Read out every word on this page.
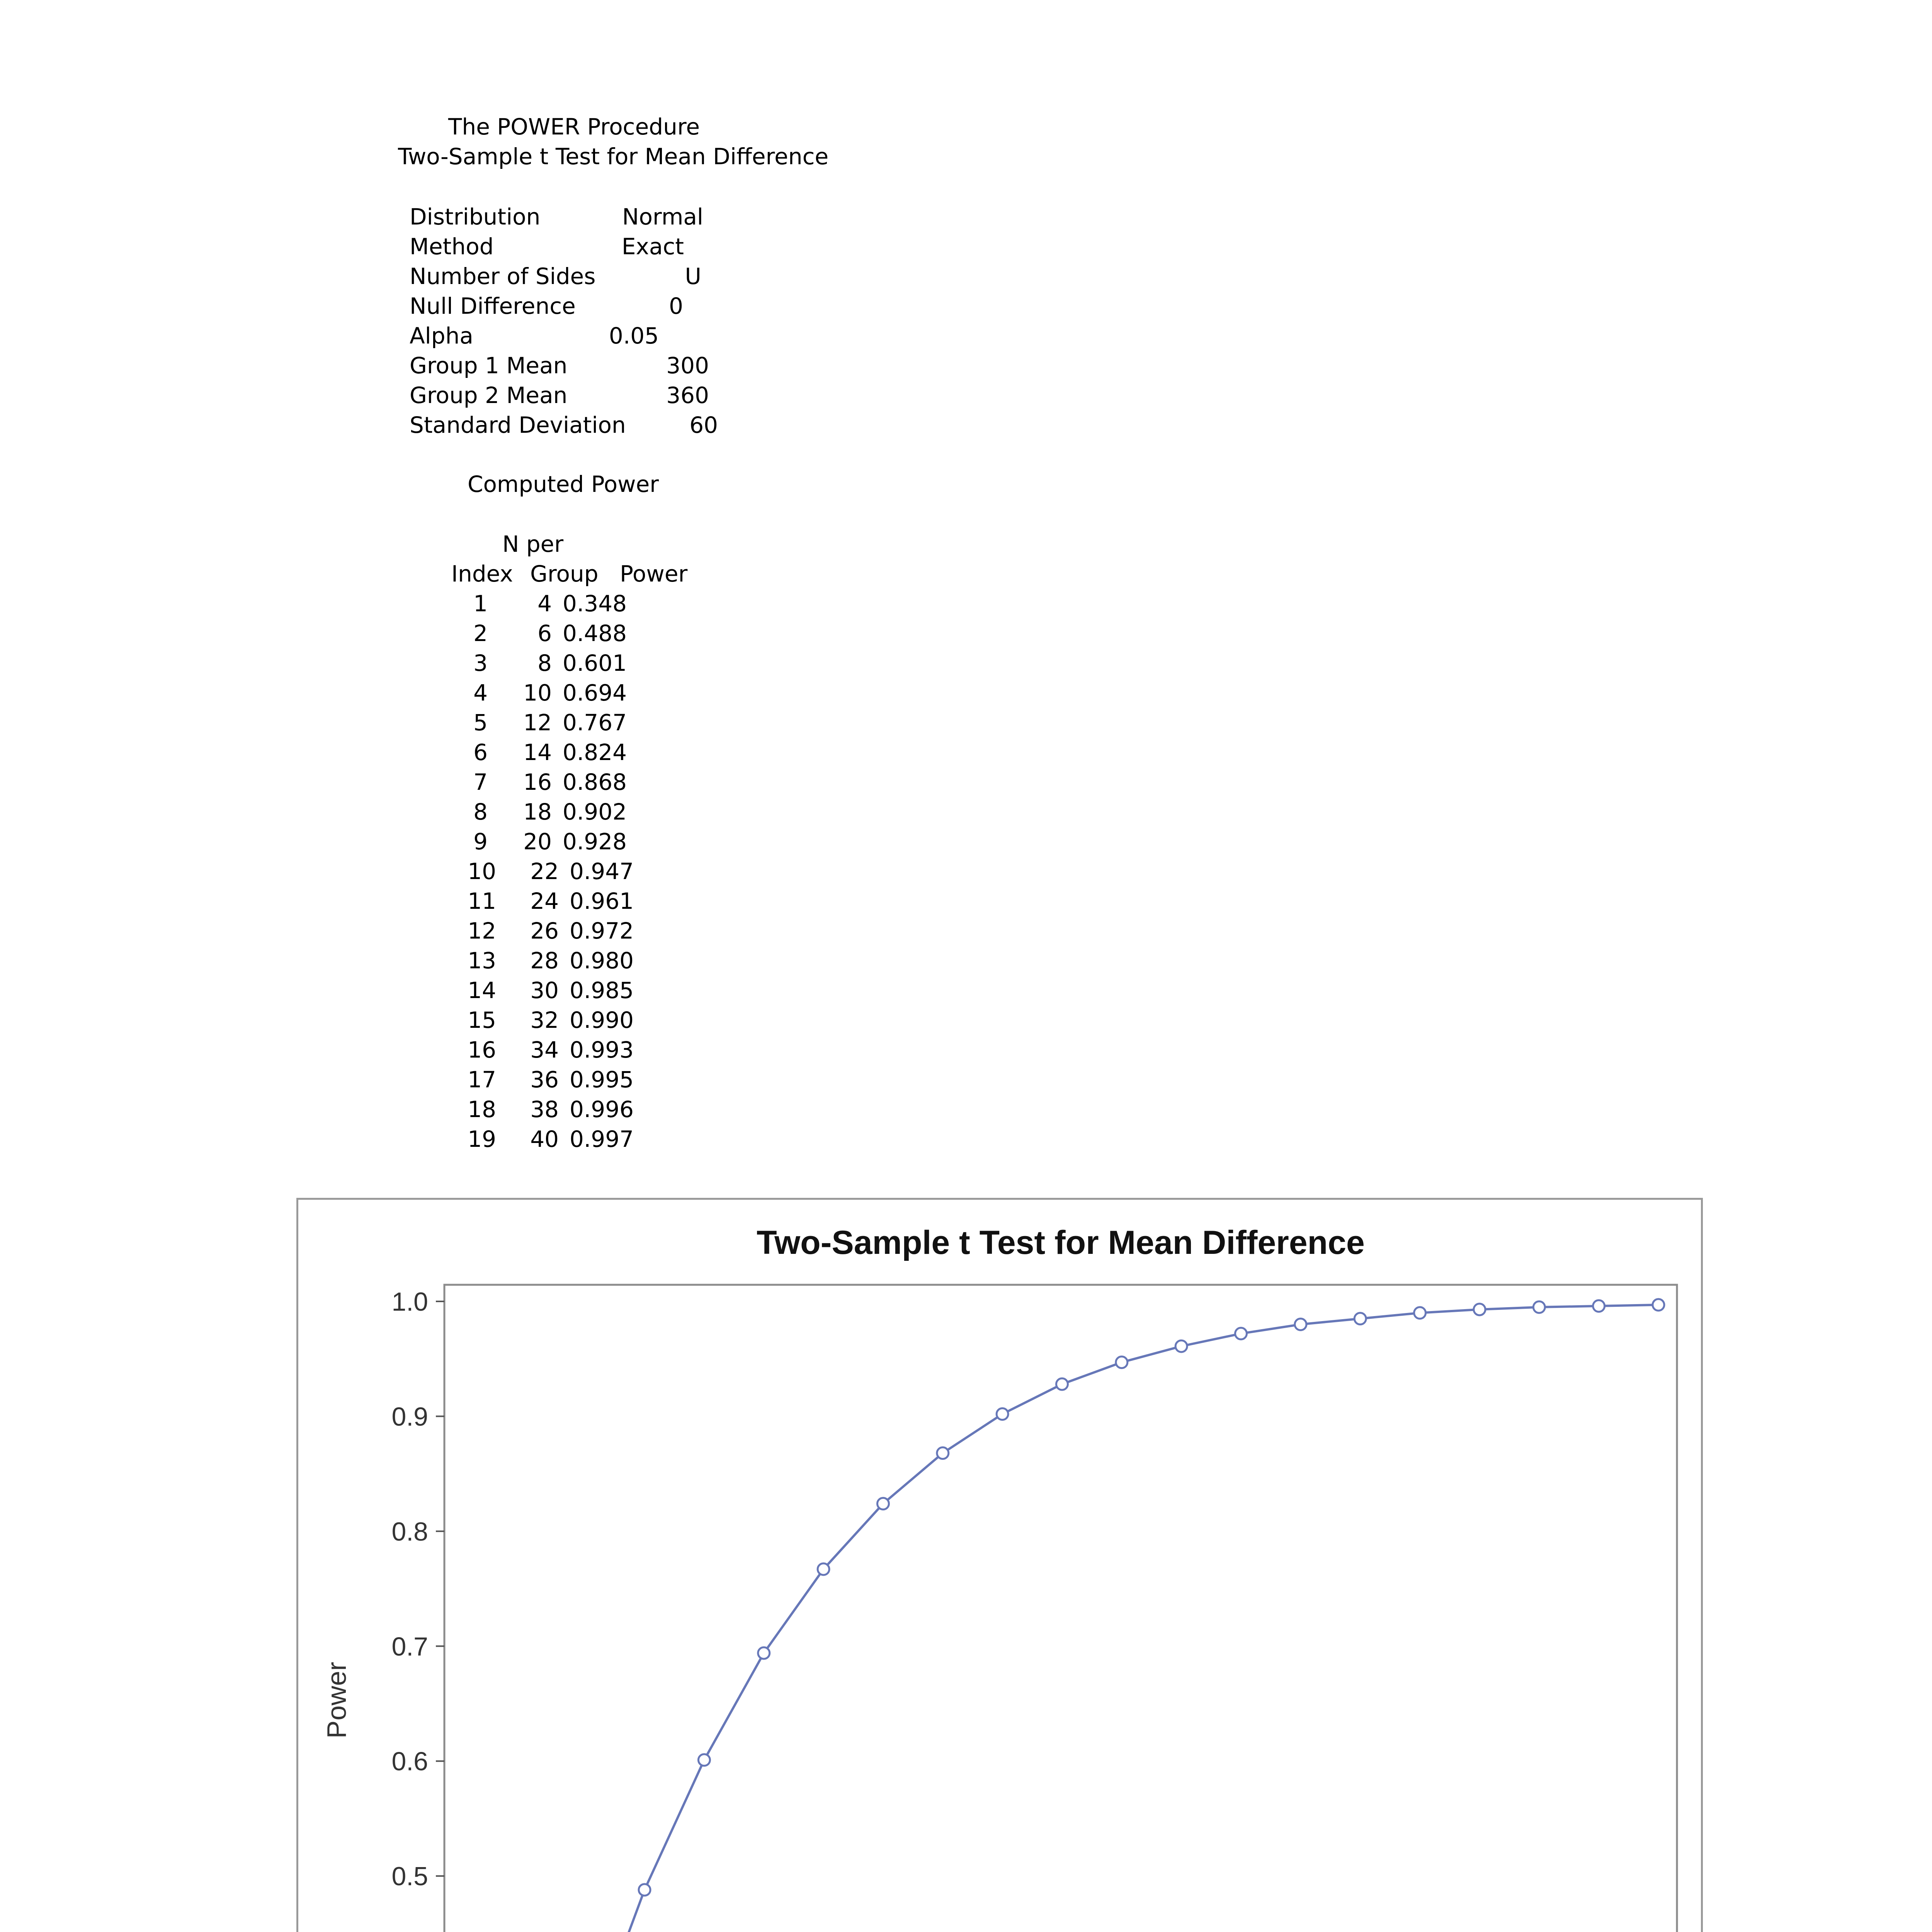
The POWER Procedure
Two-Sample t Test for Mean Difference
Distribution	Normal
Method	Exact
Number of Sides	U
Null Difference	0
Alpha	0.05
Group 1 Mean	300
Group 2 Mean	360
Standard Deviation	60
Computed Power
N per
Index Group Power
1	4 0.348
2	6 0.488
3	8 0.601
4	10 0.694
5	12 0.767
6	14 0.824
7	16 0.868
8	18 0.902
9	20 0.928
10	22 0.947
11	24 0.961
12	26 0.972
13	28 0.980
14	30 0.985
15	32 0.990
16	34 0.993
17	36 0.995
18	38 0.996
19	40 0.997
Two-Sample t Test for Mean Difference
Power
0.5
0.6
0.7
0.8
0.9
1.0
